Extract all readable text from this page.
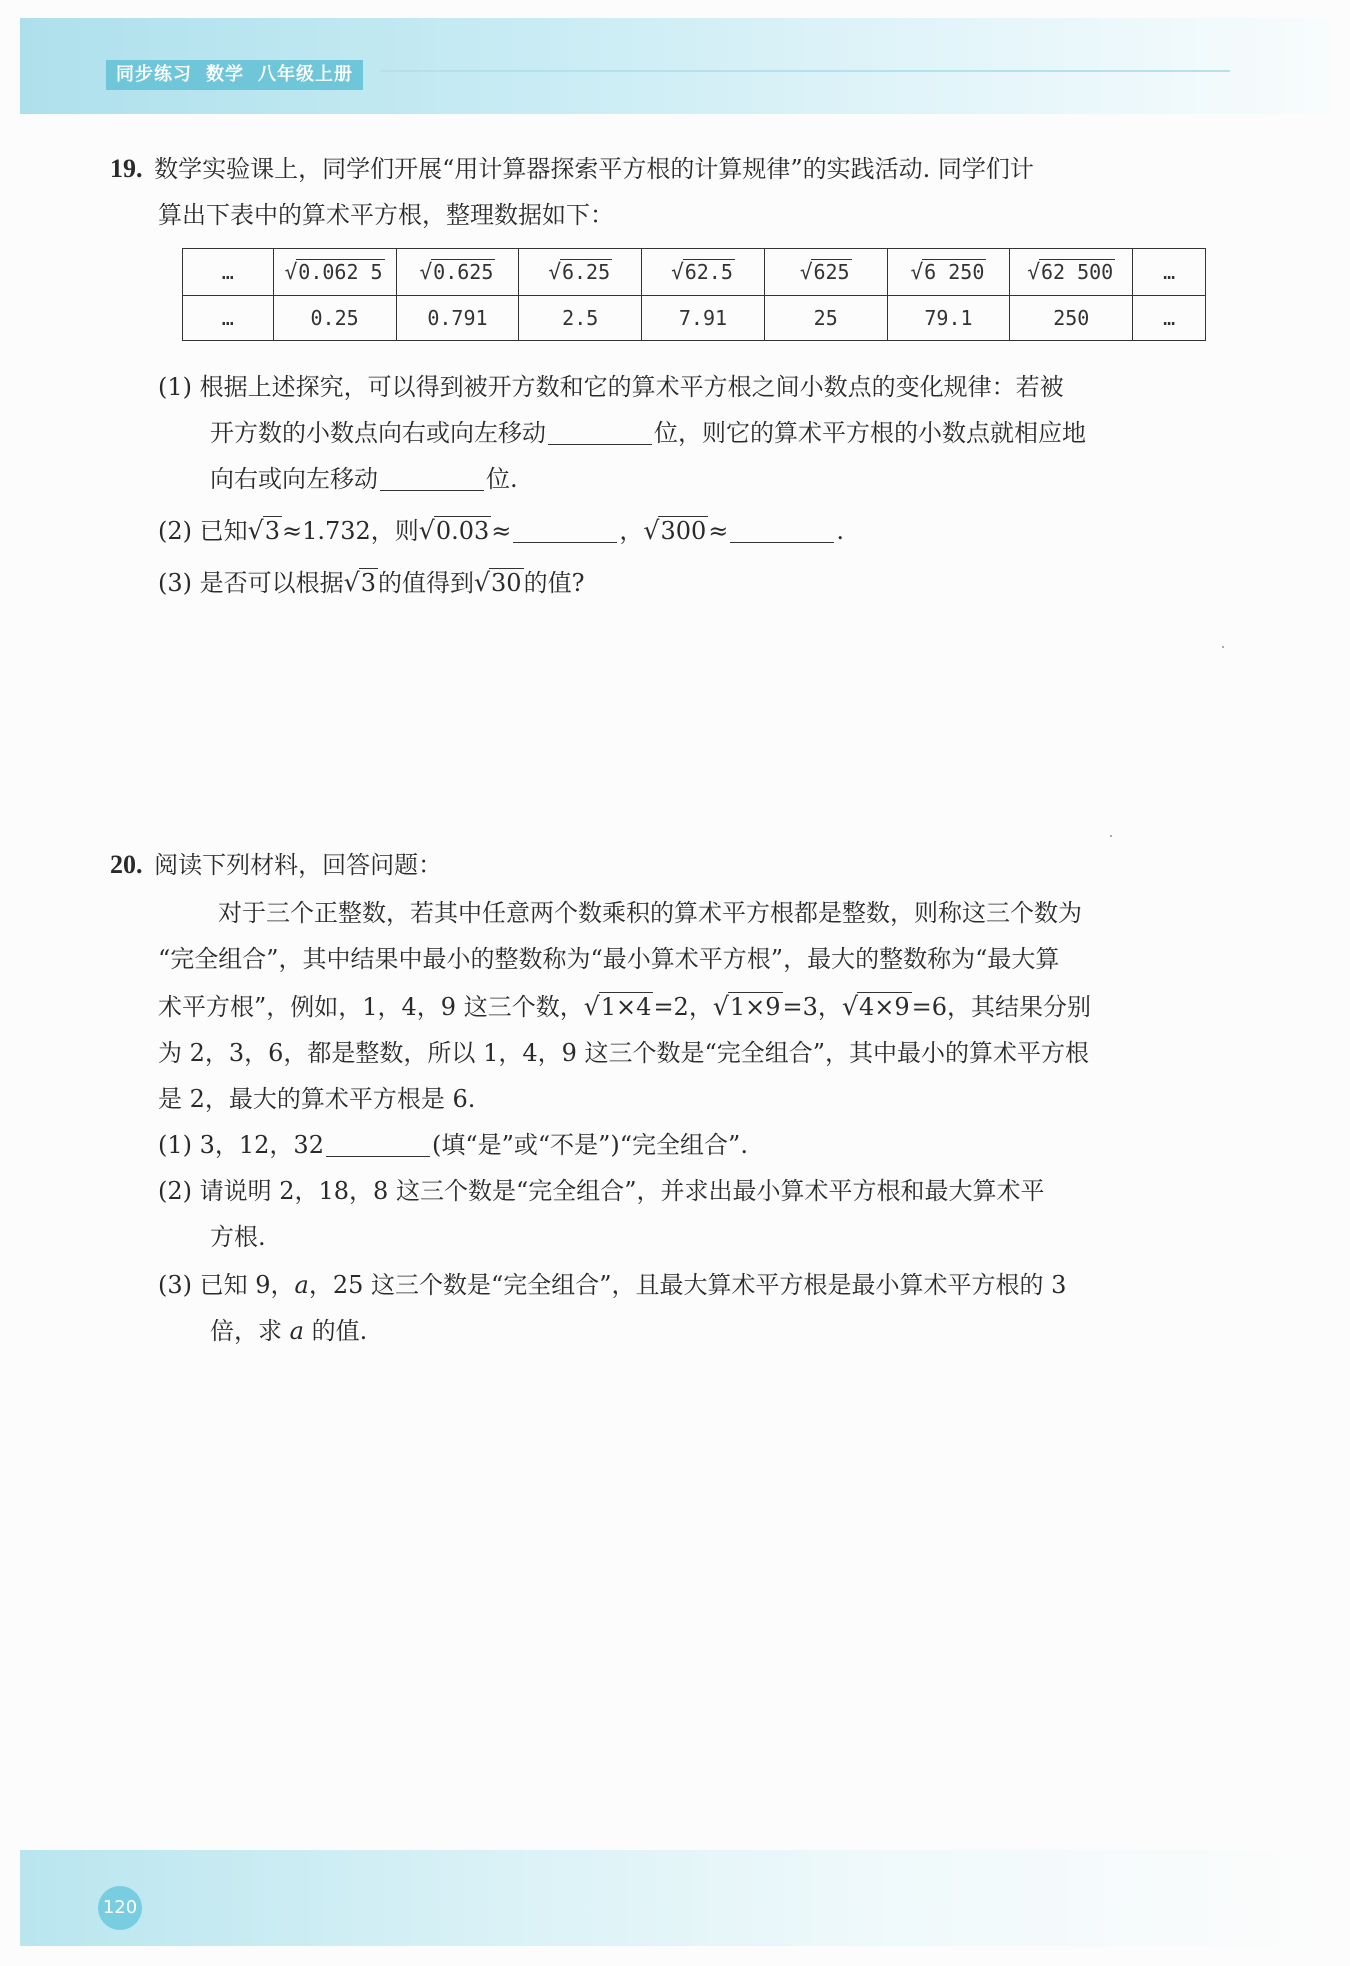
同步练习 数学 八年级上册
19. 数学实验课上，同学们开展“用计算器探索平方根的计算规律”的实践活动. 同学们计
算出下表中的算术平方根，整理数据如下：
…	√0.062 5	√0.625	√6.25	√62.5	√625	√6 250	√62 500	…
…	0.25	0.791	2.5	7.91	25	79.1	250	…
(1) 根据上述探究，可以得到被开方数和它的算术平方根之间小数点的变化规律：若被
开方数的小数点向右或向左移动	位，则它的算术平方根的小数点就相应地
向右或向左移动	位.
(2) 已知√3≈1.732，则√0.03≈	，√300≈	.
(3) 是否可以根据√3的值得到√30的值?
20. 阅读下列材料，回答问题：
对于三个正整数，若其中任意两个数乘积的算术平方根都是整数，则称这三个数为
“完全组合”，其中结果中最小的整数称为“最小算术平方根”，最大的整数称为“最大算
术平方根”，例如，1，4，9 这三个数，√1×4=2，√1×9=3，√4×9=6，其结果分别
为 2，3，6，都是整数，所以 1，4，9 这三个数是“完全组合”，其中最小的算术平方根
是 2，最大的算术平方根是 6.
(1) 3，12，32	(填“是”或“不是”)“完全组合”.
(2) 请说明 2，18，8 这三个数是“完全组合”，并求出最小算术平方根和最大算术平
方根.
(3) 已知 9，a，25 这三个数是“完全组合”，且最大算术平方根是最小算术平方根的 3
倍，求 a 的值.
120
